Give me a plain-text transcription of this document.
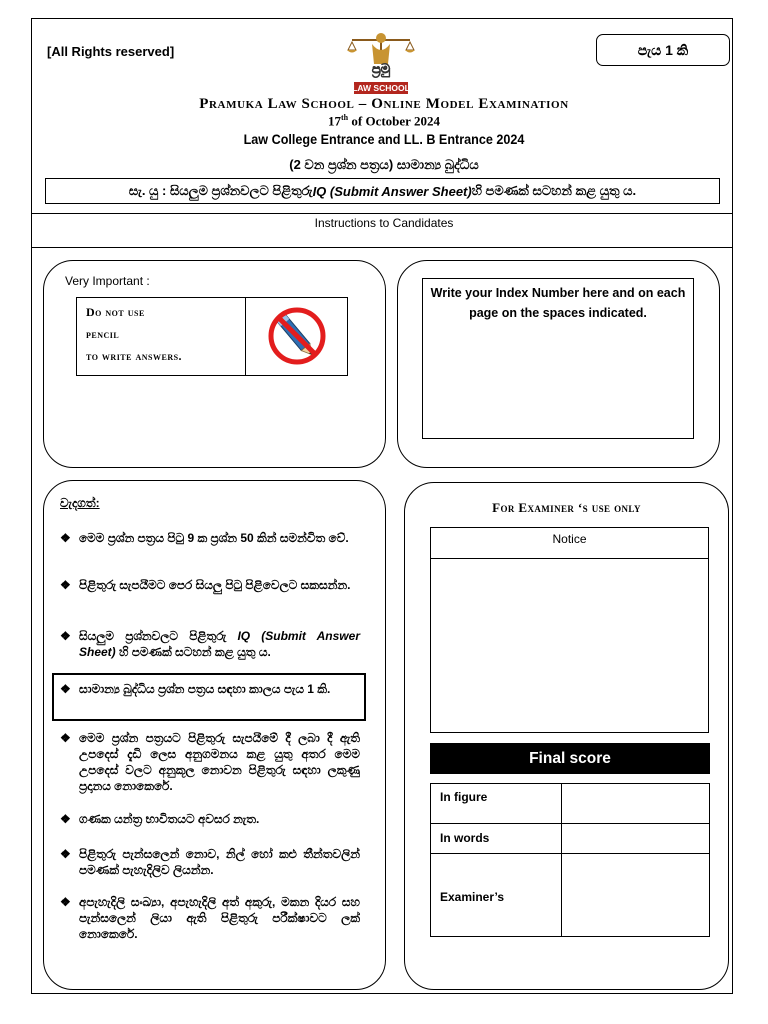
[All Rights reserved]	පැය 1 කි
ප්‍රමු
LAW SCHOOL
Pramuka Law School – Online Model Examination
17th of October 2024
Law College Entrance and LL. B Entrance 2024
(2 වන ප්‍රශ්න පත්‍රය) සාමාන්‍ය බුද්ධිය
සැ. යු : සියලුම ප්‍රශ්නවලට පිළිතුරු IQ (Submit Answer Sheet) හි පමණක් සටහන් කළ යුතු ය.
Instructions to Candidates
Very Important :
Do not use
pencil
to write answers.
Write your Index Number here and on each page on the spaces indicated.
වැදගත්:
❖ මෙම ප්‍රශ්න පත්‍රය පිටු 9 ක ප්‍රශ්න 50 කින් සමන්විත වේ.
❖ පිළිතුරු සැපයීමට පෙර සියලු පිටු පිළිවෙලට සකසන්න.
❖ සියලුම ප්‍රශ්නවලට පිළිතුරු IQ (Submit Answer Sheet) හි පමණක් සටහන් කළ යුතු ය.
❖ සාමාන්‍ය බුද්ධිය ප්‍රශ්න පත්‍රය සඳහා කාලය පැය 1 කි.
❖ මෙම ප්‍රශ්න පත්‍රයට පිළිතුරු සැපයීමේ දී ලබා දී ඇති උපදෙස් දැඩි ලෙස අනුගමනය කළ යුතු අතර මෙම උපදෙස් වලට අනුකූල නොවන පිළිතුරු සඳහා ලකුණු ප්‍රදානය නොකෙරේ.
❖ ගණක යන්ත්‍ර භාවිතයට අවසර නැත.
❖ පිළිතුරු පැන්සලෙන් නොව, නිල් හෝ කළු තීන්තවලින් පමණක් පැහැදිලිව ලියන්න.
❖ අපැහැදිලි සංඛ්‍යා, අපැහැදිලි අත් අකුරු, මකන දියර සහ පැන්සලෙන් ලියා ඇති පිළිතුරු පරීක්ෂාවට ලක් නොකෙරේ.
For Examiner ‘s use only
Notice
Final score
In figure
In words
Examiner’s
